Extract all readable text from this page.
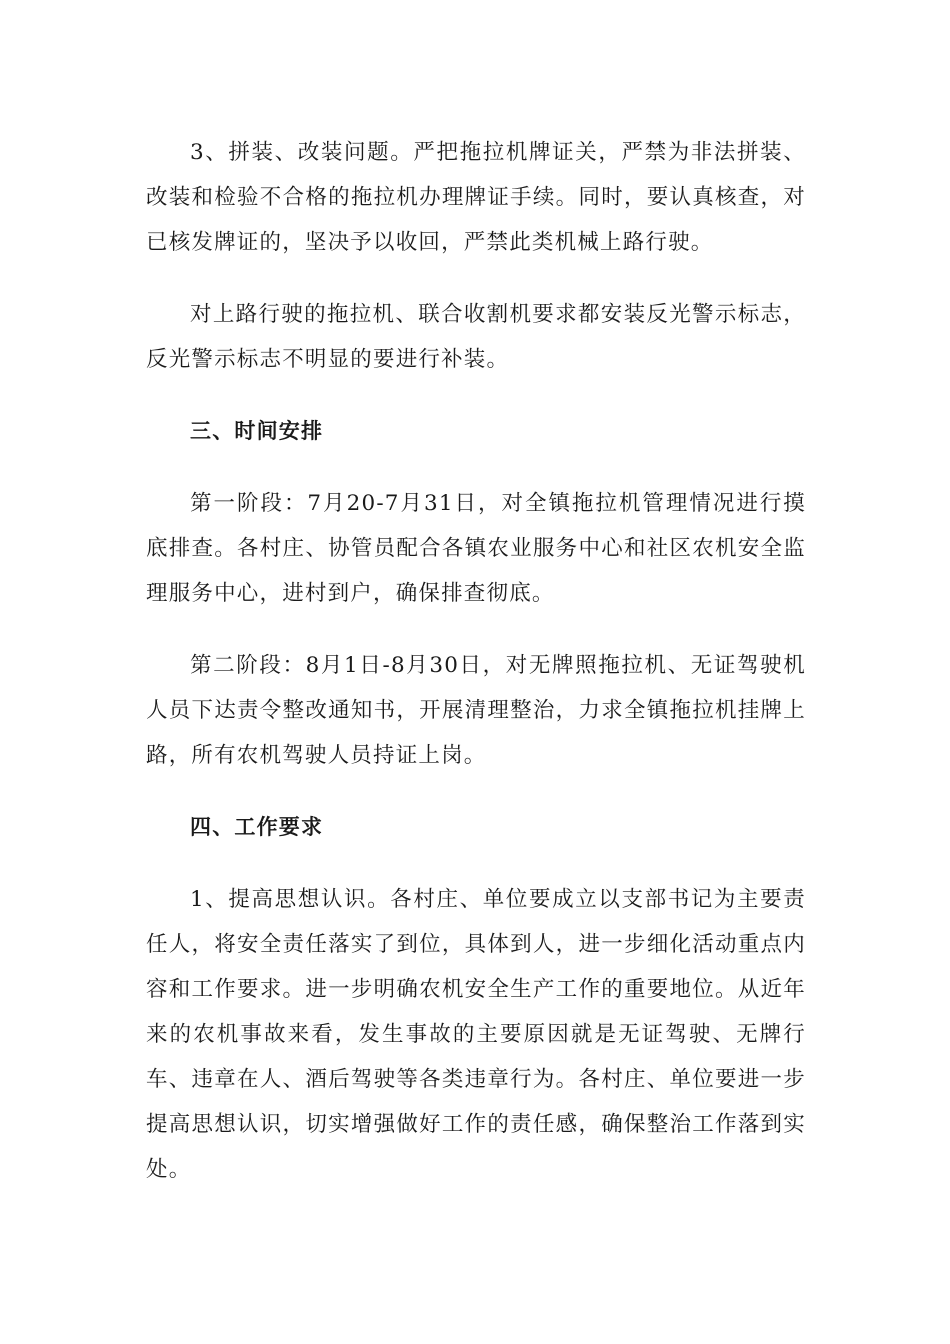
3、拼装、改装问题。严把拖拉机牌证关，严禁为非法拼装、改装和检验不合格的拖拉机办理牌证手续。同时，要认真核查，对已核发牌证的，坚决予以收回，严禁此类机械上路行驶。

对上路行驶的拖拉机、联合收割机要求都安装反光警示标志，反光警示标志不明显的要进行补装。

三、时间安排

第一阶段：7月20-7月31日，对全镇拖拉机管理情况进行摸底排查。各村庄、协管员配合各镇农业服务中心和社区农机安全监理服务中心，进村到户，确保排查彻底。

第二阶段：8月1日-8月30日，对无牌照拖拉机、无证驾驶机人员下达责令整改通知书，开展清理整治，力求全镇拖拉机挂牌上路，所有农机驾驶人员持证上岗。

四、工作要求

1、提高思想认识。各村庄、单位要成立以支部书记为主要责任人，将安全责任落实了到位，具体到人，进一步细化活动重点内容和工作要求。进一步明确农机安全生产工作的重要地位。从近年来的农机事故来看，发生事故的主要原因就是无证驾驶、无牌行车、违章在人、酒后驾驶等各类违章行为。各村庄、单位要进一步提高思想认识，切实增强做好工作的责任感，确保整治工作落到实处。
